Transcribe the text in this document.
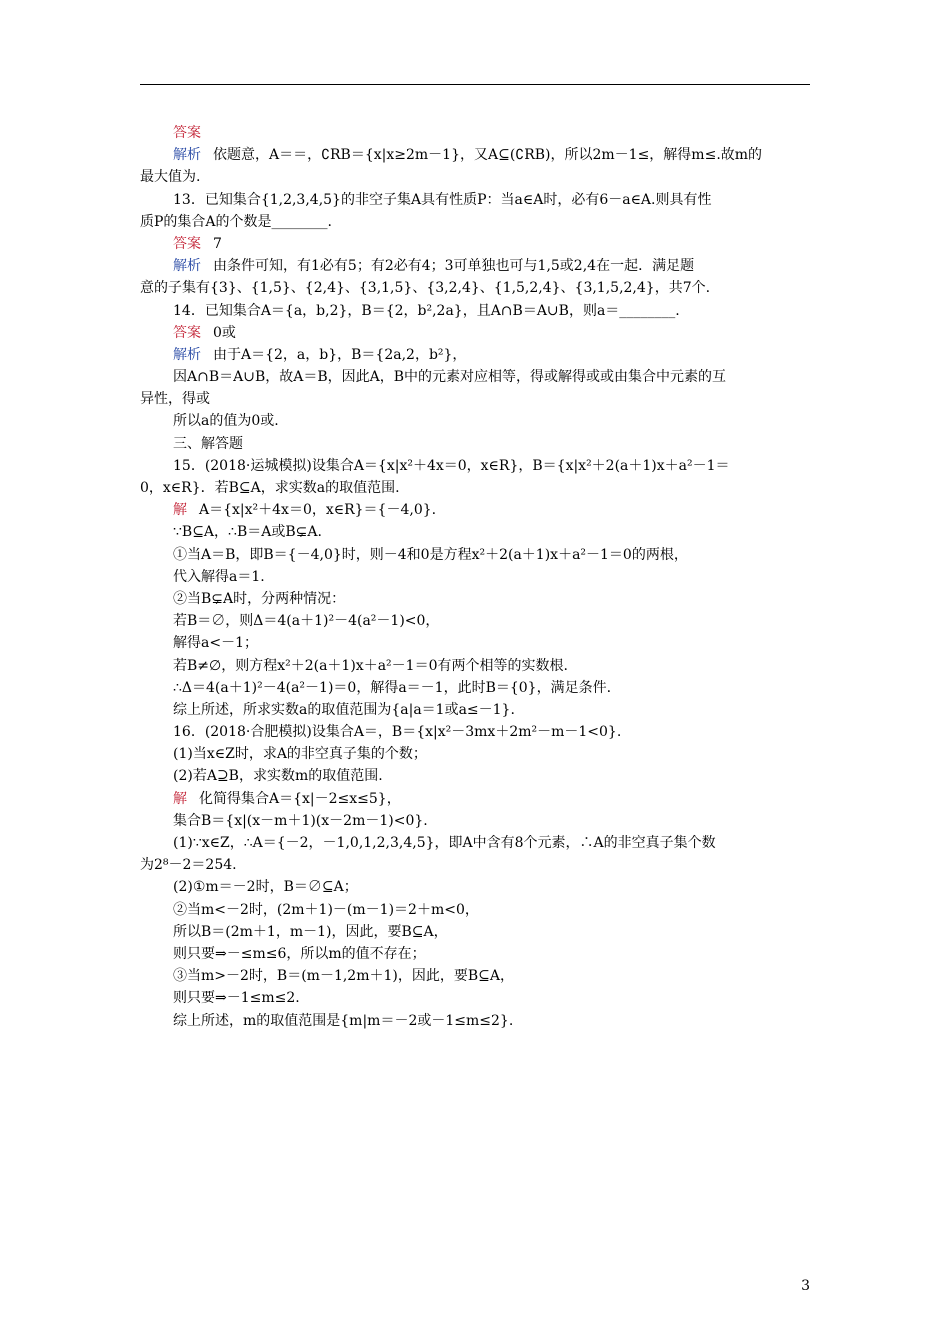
答案
解析 依题意，A＝＝，∁RB＝{x|x≥2m－1}，又A⊆(∁RB)，所以2m－1≤，解得m≤.故m的
最大值为.
13．已知集合{1,2,3,4,5}的非空子集A具有性质P：当a∈A时，必有6－a∈A.则具有性
质P的集合A的个数是________.
答案 7
解析 由条件可知，有1必有5；有2必有4；3可单独也可与1,5或2,4在一起．满足题
意的子集有{3}、{1,5}、{2,4}、{3,1,5}、{3,2,4}、{1,5,2,4}、{3,1,5,2,4}，共7个.
14．已知集合A＝{a，b,2}，B＝{2，b²,2a}，且A∩B＝A∪B，则a＝________.
答案 0或
解析 由于A＝{2，a，b}，B＝{2a,2，b²}，
因A∩B＝A∪B，故A＝B，因此A，B中的元素对应相等，得或解得或或由集合中元素的互
异性，得或
所以a的值为0或.
三、解答题
15．(2018·运城模拟)设集合A＝{x|x²＋4x＝0，x∈R}，B＝{x|x²＋2(a＋1)x＋a²－1＝
0，x∈R}．若B⊆A，求实数a的取值范围.
解 A＝{x|x²＋4x＝0，x∈R}＝{－4,0}.
∵B⊆A，∴B＝A或B⊊A.
①当A＝B，即B＝{－4,0}时，则－4和0是方程x²＋2(a＋1)x＋a²－1＝0的两根，
代入解得a＝1.
②当B⊊A时，分两种情况：
若B＝∅，则Δ＝4(a＋1)²－4(a²－1)<0，
解得a<－1；
若B≠∅，则方程x²＋2(a＋1)x＋a²－1＝0有两个相等的实数根.
∴Δ＝4(a＋1)²－4(a²－1)＝0，解得a＝－1，此时B＝{0}，满足条件.
综上所述，所求实数a的取值范围为{a|a＝1或a≤－1}.
16．(2018·合肥模拟)设集合A＝，B＝{x|x²－3mx＋2m²－m－1<0}.
(1)当x∈Z时，求A的非空真子集的个数；
(2)若A⊇B，求实数m的取值范围.
解 化简得集合A＝{x|－2≤x≤5}，
集合B＝{x|(x－m＋1)(x－2m－1)<0}.
(1)∵x∈Z，∴A＝{－2，－1,0,1,2,3,4,5}，即A中含有8个元素，∴A的非空真子集个数
为2⁸－2＝254.
(2)①m＝－2时，B＝∅⊆A；
②当m<－2时，(2m＋1)－(m－1)＝2＋m<0，
所以B＝(2m＋1，m－1)，因此，要B⊆A，
则只要⇒－≤m≤6，所以m的值不存在；
③当m>－2时，B＝(m－1,2m＋1)，因此，要B⊆A，
则只要⇒－1≤m≤2.
综上所述，m的取值范围是{m|m＝－2或－1≤m≤2}.
3
